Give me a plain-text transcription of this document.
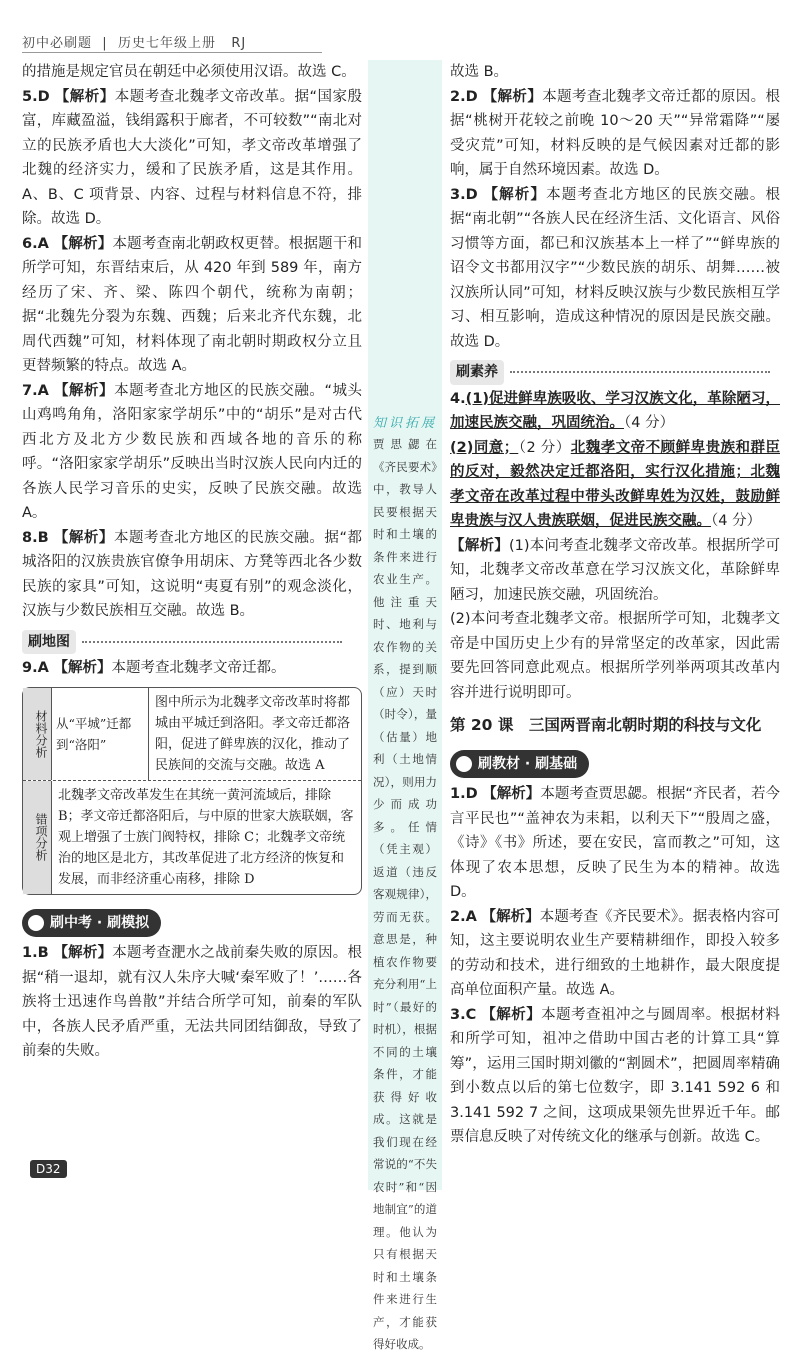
初中必刷题  |  历史七年级上册 RJ

的措施是规定官员在朝廷中必须使用汉语。故选 C。

5.D 【解析】本题考查北魏孝文帝改革。据“国家殷富，库藏盈溢，钱绢露积于廊者，不可较数”“南北对立的民族矛盾也大大淡化”可知，孝文帝改革增强了北魏的经济实力，缓和了民族矛盾，这是其作用。A、B、C 项背景、内容、过程与材料信息不符，排除。故选 D。

6.A 【解析】本题考查南北朝政权更替。根据题干和所学可知，东晋结束后，从 420 年到 589 年，南方经历了宋、齐、梁、陈四个朝代，统称为南朝；据“北魏先分裂为东魏、西魏；后来北齐代东魏，北周代西魏”可知，材料体现了南北朝时期政权分立且更替频繁的特点。故选 A。

7.A 【解析】本题考查北方地区的民族交融。“城头山鸡鸣角角，洛阳家家学胡乐”中的“胡乐”是对古代西北方及北方少数民族和西域各地的音乐的称呼。“洛阳家家学胡乐”反映出当时汉族人民向内迁的各族人民学习音乐的史实，反映了民族交融。故选 A。

8.B 【解析】本题考查北方地区的民族交融。据“都城洛阳的汉族贵族官僚争用胡床、方凳等西北各少数民族的家具”可知，这说明“夷夏有别”的观念淡化，汉族与少数民族相互交融。故选 B。

刷地图

9.A 【解析】本题考查北魏孝文帝迁都。

材料分析 从“平城”迁都到“洛阳”
图中所示为北魏孝文帝改革时将都城由平城迁到洛阳。孝文帝迁都洛阳，促进了鲜卑族的汉化，推动了民族间的交流与交融。故选 A
错项分析
北魏孝文帝改革发生在其统一黄河流域后，排除 B；孝文帝迁都洛阳后，与中原的世家大族联姻，客观上增强了士族门阀特权，排除 C；北魏孝文帝统治的地区是北方，其改革促进了北方经济的恢复和发展，而非经济重心南移，排除 D
刷中考 · 刷模拟

1.B 【解析】本题考查淝水之战前秦失败的原因。根据“稍一退却，就有汉人朱序大喊‘秦军败了！’……各族将士迅速作鸟兽散”并结合所学可知，前秦的军队中，各族人民矛盾严重，无法共同团结御敌，导致了前秦的失败。

知识拓展
贾思勰在《齐民要术》中，教导人民要根据天时和土壤的条件来进行农业生产。他注重天时、地利与农作物的关系，提到顺（应）天时（时令），量（估量）地利（土地情况），则用力少而成功多。任情（凭主观）返道（违反客观规律），劳而无获。意思是，种植农作物要充分利用“上时”（最好的时机），根据不同的土壤条件，才能获得好收成。这就是我们现在经常说的“不失农时”和“因地制宜”的道理。他认为只有根据天时和土壤条件来进行生产，才能获得好收成。

故选 B。

2.D 【解析】本题考查北魏孝文帝迁都的原因。根据“桃树开花较之前晚 10～20 天”“异常霜降”“屡受灾荒”可知，材料反映的是气候因素对迁都的影响，属于自然环境因素。故选 D。

3.D 【解析】本题考查北方地区的民族交融。根据“南北朝”“各族人民在经济生活、文化语言、风俗习惯等方面，都已和汉族基本上一样了”“鲜卑族的诏令文书都用汉字”“少数民族的胡乐、胡舞……被汉族所认同”可知，材料反映汉族与少数民族相互学习、相互影响，造成这种情况的原因是民族交融。故选 D。

刷素养

4.(1)促进鲜卑族吸收、学习汉族文化，革除陋习，加速民族交融，巩固统治。（4 分）

(2)同意；（2 分）北魏孝文帝不顾鲜卑贵族和群臣的反对，毅然决定迁都洛阳，实行汉化措施；北魏孝文帝在改革过程中带头改鲜卑姓为汉姓，鼓励鲜卑贵族与汉人贵族联姻，促进民族交融。（4 分）

【解析】(1)本问考查北魏孝文帝改革。根据所学可知，北魏孝文帝改革意在学习汉族文化，革除鲜卑陋习，加速民族交融，巩固统治。

(2)本问考查北魏孝文帝。根据所学可知，北魏孝文帝是中国历史上少有的异常坚定的改革家，因此需要先回答同意此观点。根据所学列举两项其改革内容并进行说明即可。

第 20 课　三国两晋南北朝时期的科技与文化
刷教材 · 刷基础

1.D 【解析】本题考查贾思勰。根据“齐民者，若今言平民也”“盖神农为耒耜，以利天下”“殷周之盛，《诗》《书》所述，要在安民，富而教之”可知，这体现了农本思想，反映了民生为本的精神。故选 D。

2.A 【解析】本题考查《齐民要术》。据表格内容可知，这主要说明农业生产要精耕细作，即投入较多的劳动和技术，进行细致的土地耕作，最大限度提高单位面积产量。故选 A。

3.C 【解析】本题考查祖冲之与圆周率。根据材料和所学可知，祖冲之借助中国古老的计算工具“算筹”，运用三国时期刘徽的“割圆术”，把圆周率精确到小数点以后的第七位数字，即 3.141 592 6 和 3.141 592 7 之间，这项成果领先世界近千年。邮票信息反映了对传统文化的继承与创新。故选 C。

D32
